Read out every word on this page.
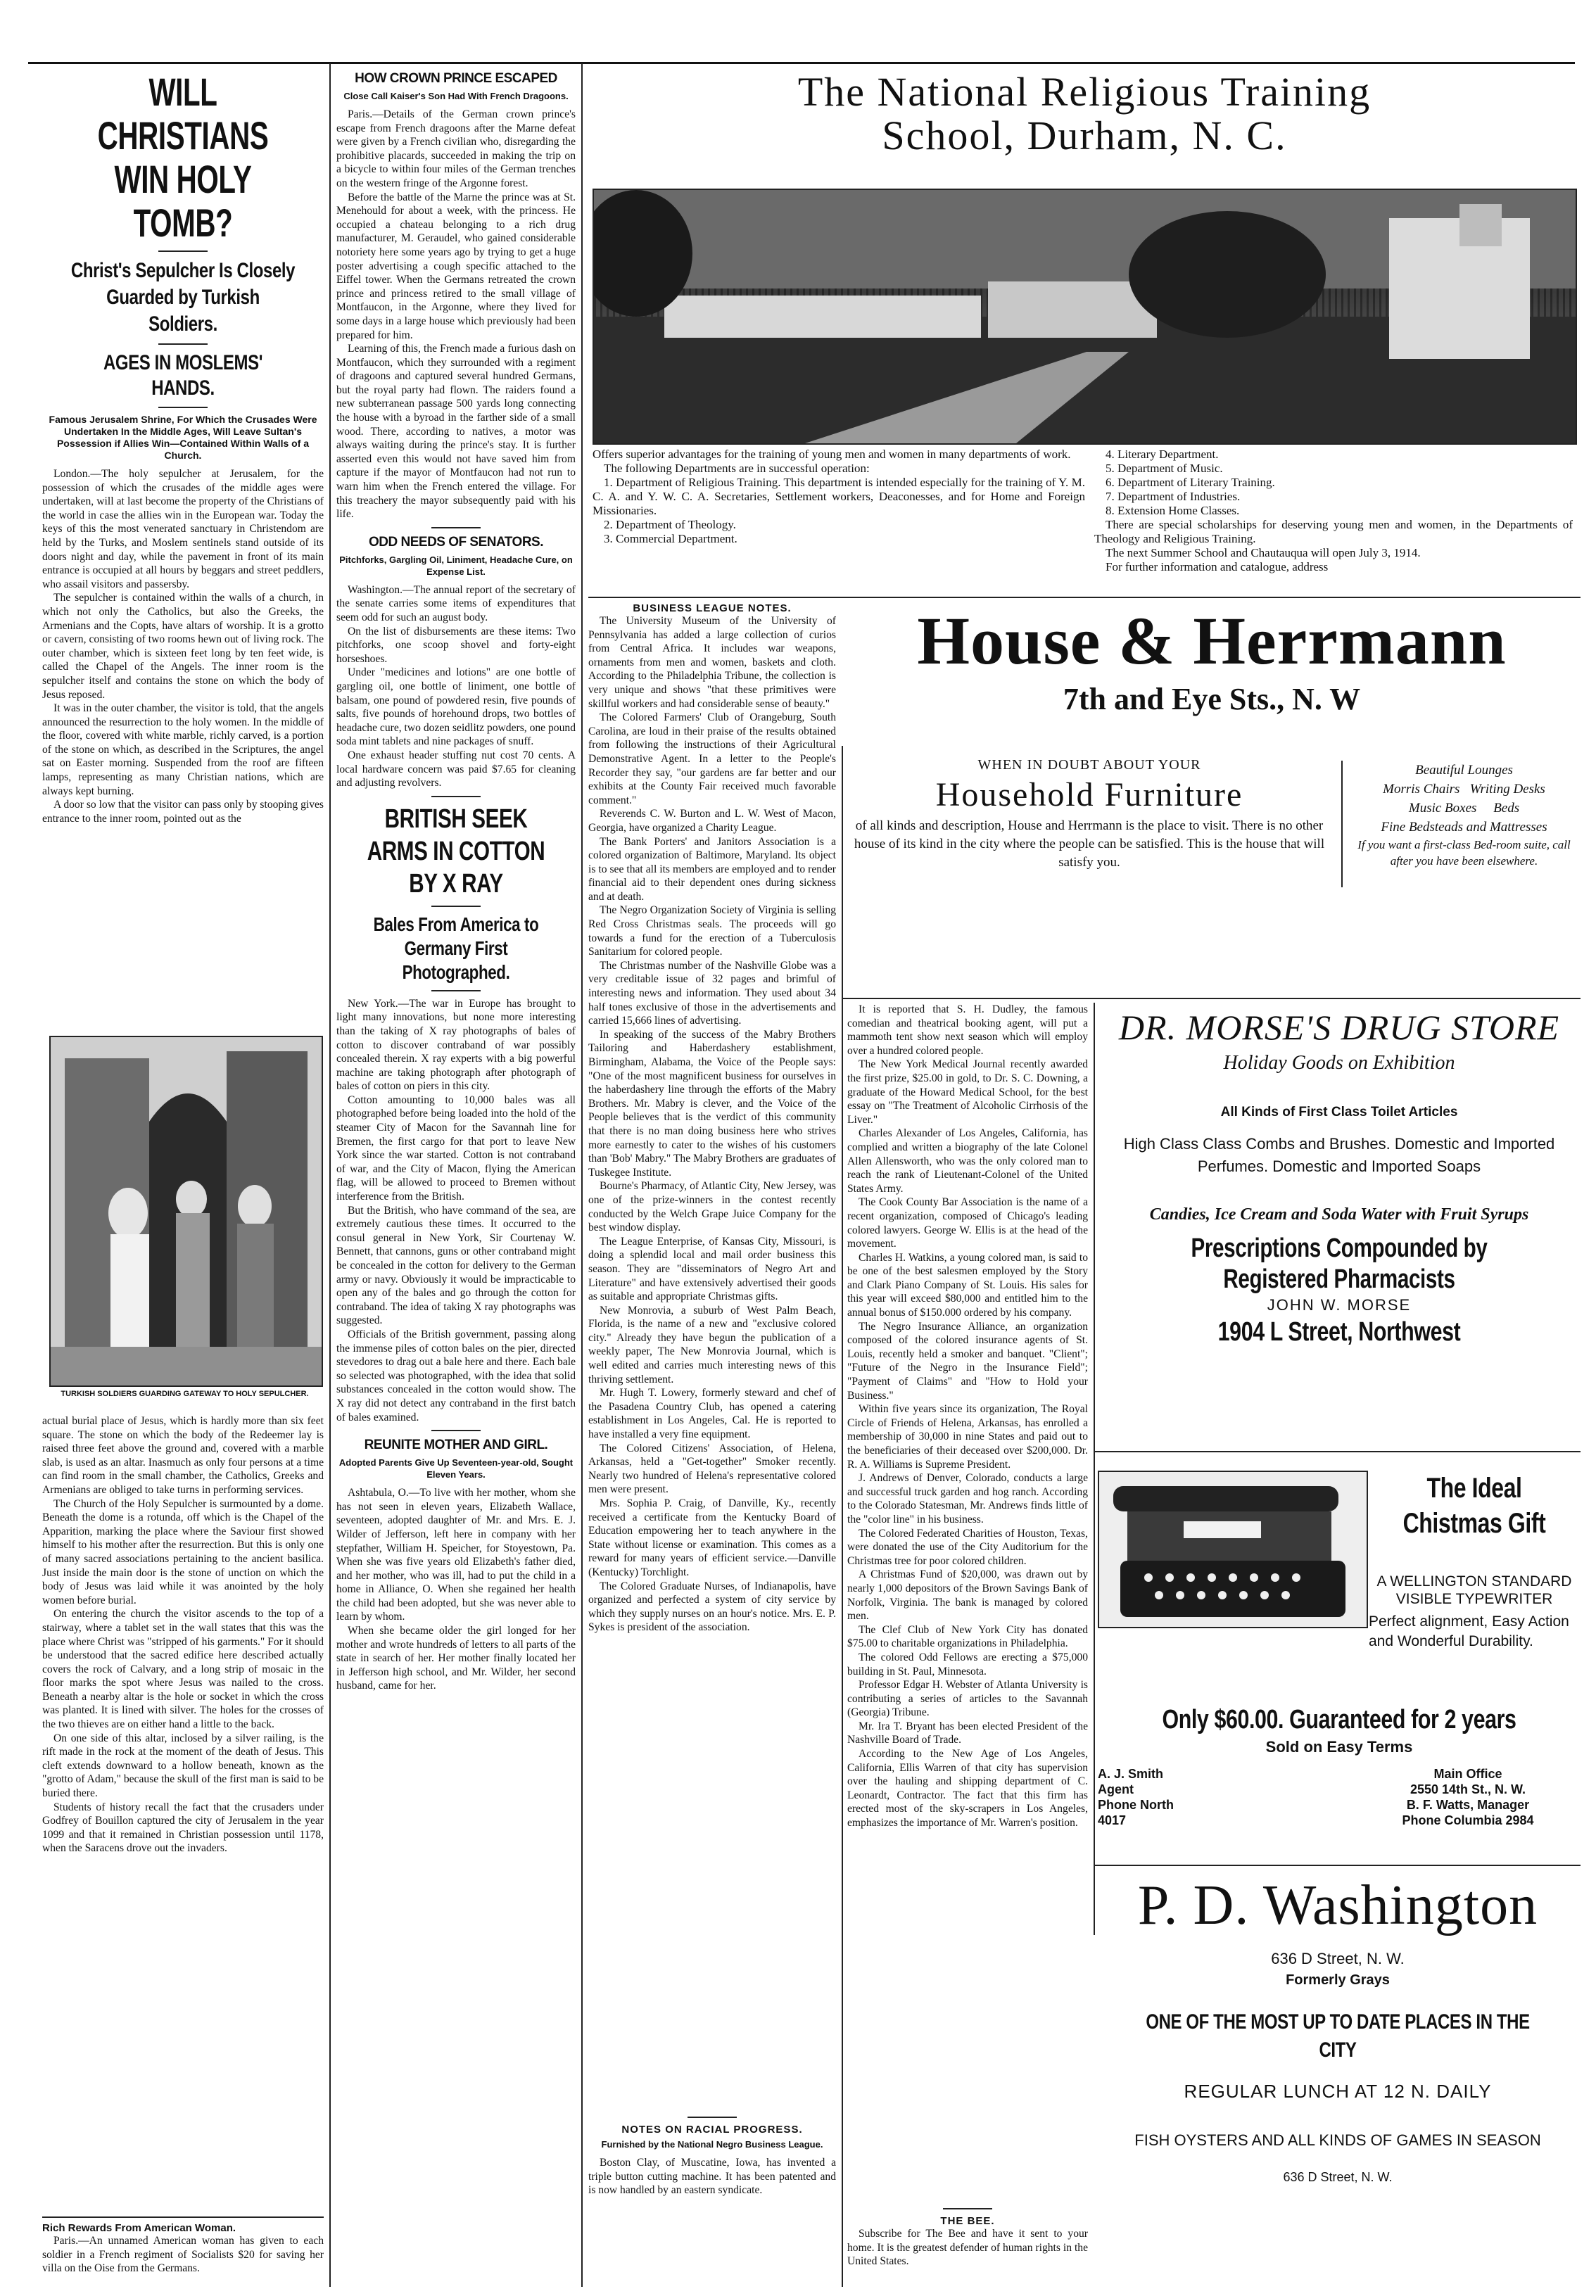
WILL CHRISTIANS WIN HOLY TOMB?
Christ's Sepulcher Is Closely Guarded by Turkish Soldiers.
AGES IN MOSLEMS' HANDS.
Famous Jerusalem Shrine, For Which the Crusades Were Undertaken In the Middle Ages, Will Leave Sultan's Possession if Allies Win—Contained Within Walls of a Church.

London.—The holy sepulcher at Jerusalem, for the possession of which the crusades of the middle ages were undertaken, will at last become the property of the Christians of the world in case the allies win in the European war. Today the keys of this the most venerated sanctuary in Christendom are held by the Turks, and Moslem sentinels stand outside of its doors night and day, while the pavement in front of its main entrance is occupied at all hours by beggars and street peddlers, who assail visitors and passersby.

The sepulcher is contained within the walls of a church, in which not only the Catholics, but also the Greeks, the Armenians and the Copts, have altars of worship. It is a grotto or cavern, consisting of two rooms hewn out of living rock. The outer chamber, which is sixteen feet long by ten feet wide, is called the Chapel of the Angels. The inner room is the sepulcher itself and contains the stone on which the body of Jesus reposed.

It was in the outer chamber, the visitor is told, that the angels announced the resurrection to the holy women. In the middle of the floor, covered with white marble, richly carved, is a portion of the stone on which, as described in the Scriptures, the angel sat on Easter morning. Suspended from the roof are fifteen lamps, representing as many Christian nations, which are always kept burning.

A door so low that the visitor can pass only by stooping gives entrance to the inner room, pointed out as the

TURKISH SOLDIERS GUARDING GATEWAY TO HOLY SEPULCHER.

actual burial place of Jesus, which is hardly more than six feet square. The stone on which the body of the Redeemer lay is raised three feet above the ground and, covered with a marble slab, is used as an altar. Inasmuch as only four persons at a time can find room in the small chamber, the Catholics, Greeks and Armenians are obliged to take turns in performing services.

The Church of the Holy Sepulcher is surmounted by a dome. Beneath the dome is a rotunda, off which is the Chapel of the Apparition, marking the place where the Saviour first showed himself to his mother after the resurrection. But this is only one of many sacred associations pertaining to the ancient basilica. Just inside the main door is the stone of unction on which the body of Jesus was laid while it was anointed by the holy women before burial.

On entering the church the visitor ascends to the top of a stairway, where a tablet set in the wall states that this was the place where Christ was "stripped of his garments." For it should be understood that the sacred edifice here described actually covers the rock of Calvary, and a long strip of mosaic in the floor marks the spot where Jesus was nailed to the cross. Beneath a nearby altar is the hole or socket in which the cross was planted. It is lined with silver. The holes for the crosses of the two thieves are on either hand a little to the back.

On one side of this altar, inclosed by a silver railing, is the rift made in the rock at the moment of the death of Jesus. This cleft extends downward to a hollow beneath, known as the "grotto of Adam," because the skull of the first man is said to be buried there.

Students of history recall the fact that the crusaders under Godfrey of Bouillon captured the city of Jerusalem in the year 1099 and that it remained in Christian possession until 1178, when the Saracens drove out the invaders.

Rich Rewards From American Woman.

Paris.—An unnamed American woman has given to each soldier in a French regiment of Socialists $20 for saving her villa on the Oise from the Germans.

HOW CROWN PRINCE ESCAPED
Close Call Kaiser's Son Had With French Dragoons.

Paris.—Details of the German crown prince's escape from French dragoons after the Marne defeat were given by a French civilian who, disregarding the prohibitive placards, succeeded in making the trip on a bicycle to within four miles of the German trenches on the western fringe of the Argonne forest.

Before the battle of the Marne the prince was at St. Menehould for about a week, with the princess. He occupied a chateau belonging to a rich drug manufacturer, M. Geraudel, who gained considerable notoriety here some years ago by trying to get a huge poster advertising a cough specific attached to the Eiffel tower. When the Germans retreated the crown prince and princess retired to the small village of Montfaucon, in the Argonne, where they lived for some days in a large house which previously had been prepared for him.

Learning of this, the French made a furious dash on Montfaucon, which they surrounded with a regiment of dragoons and captured several hundred Germans, but the royal party had flown. The raiders found a new subterranean passage 500 yards long connecting the house with a byroad in the farther side of a small wood. There, according to natives, a motor was always waiting during the prince's stay. It is further asserted even this would not have saved him from capture if the mayor of Montfaucon had not run to warn him when the French entered the village. For this treachery the mayor subsequently paid with his life.

ODD NEEDS OF SENATORS.
Pitchforks, Gargling Oil, Liniment, Headache Cure, on Expense List.

Washington.—The annual report of the secretary of the senate carries some items of expenditures that seem odd for such an august body.

On the list of disbursements are these items: Two pitchforks, one scoop shovel and forty-eight horseshoes.

Under "medicines and lotions" are one bottle of gargling oil, one bottle of liniment, one bottle of balsam, one pound of powdered resin, five pounds of salts, five pounds of horehound drops, two bottles of headache cure, two dozen seidlitz powders, one pound soda mint tablets and nine packages of snuff.

One exhaust header stuffing nut cost 70 cents. A local hardware concern was paid $7.65 for cleaning and adjusting revolvers.

BRITISH SEEK ARMS IN COTTON BY X RAY
Bales From America to Germany First Photographed.

New York.—The war in Europe has brought to light many innovations, but none more interesting than the taking of X ray photographs of bales of cotton to discover contraband of war possibly concealed therein. X ray experts with a big powerful machine are taking photograph after photograph of bales of cotton on piers in this city.

Cotton amounting to 10,000 bales was all photographed before being loaded into the hold of the steamer City of Macon for the Savannah line for Bremen, the first cargo for that port to leave New York since the war started. Cotton is not contraband of war, and the City of Macon, flying the American flag, will be allowed to proceed to Bremen without interference from the British.

But the British, who have command of the sea, are extremely cautious these times. It occurred to the consul general in New York, Sir Courtenay W. Bennett, that cannons, guns or other contraband might be concealed in the cotton for delivery to the German army or navy. Obviously it would be impracticable to open any of the bales and go through the cotton for contraband. The idea of taking X ray photographs was suggested.

Officials of the British government, passing along the immense piles of cotton bales on the pier, directed stevedores to drag out a bale here and there. Each bale so selected was photographed, with the idea that solid substances concealed in the cotton would show. The X ray did not detect any contraband in the first batch of bales examined.

REUNITE MOTHER AND GIRL.
Adopted Parents Give Up Seventeen-year-old, Sought Eleven Years.

Ashtabula, O.—To live with her mother, whom she has not seen in eleven years, Elizabeth Wallace, seventeen, adopted daughter of Mr. and Mrs. E. J. Wilder of Jefferson, left here in company with her stepfather, William H. Speicher, for Stoyestown, Pa. When she was five years old Elizabeth's father died, and her mother, who was ill, had to put the child in a home in Alliance, O. When she regained her health the child had been adopted, but she was never able to learn by whom.

When she became older the girl longed for her mother and wrote hundreds of letters to all parts of the state in search of her. Her mother finally located her in Jefferson high school, and Mr. Wilder, her second husband, came for her.

The National Religious Training
School, Durham, N. C.

Offers superior advantages for the training of young men and women in many departments of work.

The following Departments are in successful operation:

1. Department of Religious Training. This department is intended especially for the training of Y. M. C. A. and Y. W. C. A. Secretaries, Settlement workers, Deaconesses, and for Home and Foreign Missionaries.

2. Department of Theology.

3. Commercial Department.

4. Literary Department.

5. Department of Music.

6. Department of Literary Training.

7. Department of Industries.

8. Extension Home Classes.

There are special scholarships for deserving young men and women, in the Departments of Theology and Religious Training.

The next Summer School and Chautauqua will open July 3, 1914.

For further information and catalogue, address

BUSINESS LEAGUE NOTES.

The University Museum of the University of Pennsylvania has added a large collection of curios from Central Africa. It includes war weapons, ornaments from men and women, baskets and cloth. According to the Philadelphia Tribune, the collection is very unique and shows "that these primitives were skillful workers and had considerable sense of beauty."

The Colored Farmers' Club of Orangeburg, South Carolina, are loud in their praise of the results obtained from following the instructions of their Agricultural Demonstrative Agent. In a letter to the People's Recorder they say, "our gardens are far better and our exhibits at the County Fair received much favorable comment."

Reverends C. W. Burton and L. W. West of Macon, Georgia, have organized a Charity League.

The Bank Porters' and Janitors Association is a colored organization of Baltimore, Maryland. Its object is to see that all its members are employed and to render financial aid to their dependent ones during sickness and at death.

The Negro Organization Society of Virginia is selling Red Cross Christmas seals. The proceeds will go towards a fund for the erection of a Tuberculosis Sanitarium for colored people.

The Christmas number of the Nashville Globe was a very creditable issue of 32 pages and brimful of interesting news and information. They used about 34 half tones exclusive of those in the advertisements and carried 15,666 lines of advertising.

In speaking of the success of the Mabry Brothers Tailoring and Haberdashery establishment, Birmingham, Alabama, the Voice of the People says: "One of the most magnificent business for ourselves in the haberdashery line through the efforts of the Mabry Brothers. Mr. Mabry is clever, and the Voice of the People believes that is the verdict of this community that there is no man doing business here who strives more earnestly to cater to the wishes of his customers than 'Bob' Mabry." The Mabry Brothers are graduates of Tuskegee Institute.

Bourne's Pharmacy, of Atlantic City, New Jersey, was one of the prize-winners in the contest recently conducted by the Welch Grape Juice Company for the best window display.

The League Enterprise, of Kansas City, Missouri, is doing a splendid local and mail order business this season. They are "disseminators of Negro Art and Literature" and have extensively advertised their goods as suitable and appropriate Christmas gifts.

New Monrovia, a suburb of West Palm Beach, Florida, is the name of a new and "exclusive colored city." Already they have begun the publication of a weekly paper, The New Monrovia Journal, which is well edited and carries much interesting news of this thriving settlement.

Mr. Hugh T. Lowery, formerly steward and chef of the Pasadena Country Club, has opened a catering establishment in Los Angeles, Cal. He is reported to have installed a very fine equipment.

The Colored Citizens' Association, of Helena, Arkansas, held a "Get-together" Smoker recently. Nearly two hundred of Helena's representative colored men were present.

Mrs. Sophia P. Craig, of Danville, Ky., recently received a certificate from the Kentucky Board of Education empowering her to teach anywhere in the State without license or examination. This comes as a reward for many years of efficient service.—Danville (Kentucky) Torchlight.

The Colored Graduate Nurses, of Indianapolis, have organized and perfected a system of city service by which they supply nurses on an hour's notice. Mrs. E. P. Sykes is president of the association.

NOTES ON RACIAL PROGRESS.
Furnished by the National Negro Business League.

Boston Clay, of Muscatine, Iowa, has invented a triple button cutting machine. It has been patented and is now handled by an eastern syndicate.

House & Herrmann
7th and Eye Sts., N. W
WHEN IN DOUBT ABOUT YOUR
Household Furniture
of all kinds and description, House and Herrmann is the place to visit. There is no other house of its kind in the city where the people can be satisfied. This is the house that will satisfy you.
Beautiful Lounges
Morris Chairs Writing Desks
Music Boxes Beds
Fine Bedsteads and Mattresses
If you want a first-class Bed-room suite, call after you have been elsewhere.

It is reported that S. H. Dudley, the famous comedian and theatrical booking agent, will put a mammoth tent show next season which will employ over a hundred colored people.

The New York Medical Journal recently awarded the first prize, $25.00 in gold, to Dr. S. C. Downing, a graduate of the Howard Medical School, for the best essay on "The Treatment of Alcoholic Cirrhosis of the Liver."

Charles Alexander of Los Angeles, California, has complied and written a biography of the late Colonel Allen Allensworth, who was the only colored man to reach the rank of Lieutenant-Colonel of the United States Army.

The Cook County Bar Association is the name of a recent organization, composed of Chicago's leading colored lawyers. George W. Ellis is at the head of the movement.

Charles H. Watkins, a young colored man, is said to be one of the best salesmen employed by the Story and Clark Piano Company of St. Louis. His sales for this year will exceed $80,000 and entitled him to the annual bonus of $150.000 ordered by his company.

The Negro Insurance Alliance, an organization composed of the colored insurance agents of St. Louis, recently held a smoker and banquet. "Client"; "Future of the Negro in the Insurance Field"; "Payment of Claims" and "How to Hold your Business."

Within five years since its organization, The Royal Circle of Friends of Helena, Arkansas, has enrolled a membership of 30,000 in nine States and paid out to the beneficiaries of their deceased over $200,000. Dr. R. A. Williams is Supreme President.

J. Andrews of Denver, Colorado, conducts a large and successful truck garden and hog ranch. According to the Colorado Statesman, Mr. Andrews finds little of the "color line" in his business.

The Colored Federated Charities of Houston, Texas, were donated the use of the City Auditorium for the Christmas tree for poor colored children.

A Christmas Fund of $20,000, was drawn out by nearly 1,000 depositors of the Brown Savings Bank of Norfolk, Virginia. The bank is managed by colored men.

The Clef Club of New York City has donated $75.00 to charitable organizations in Philadelphia.

The colored Odd Fellows are erecting a $75,000 building in St. Paul, Minnesota.

Professor Edgar H. Webster of Atlanta University is contributing a series of articles to the Savannah (Georgia) Tribune.

Mr. Ira T. Bryant has been elected President of the Nashville Board of Trade.

According to the New Age of Los Angeles, California, Ellis Warren of that city has supervision over the hauling and shipping department of C. Leonardt, Contractor. The fact that this firm has erected most of the sky-scrapers in Los Angeles, emphasizes the importance of Mr. Warren's position.

THE BEE.

Subscribe for The Bee and have it sent to your home. It is the greatest defender of human rights in the United States.

DR. MORSE'S DRUG STORE
Holiday Goods on Exhibition
All Kinds of First Class Toilet Articles
High Class Class Combs and Brushes. Domestic and Imported Perfumes. Domestic and Imported Soaps
Candies, Ice Cream and Soda Water with Fruit Syrups
Prescriptions Compounded by Registered Pharmacists
JOHN W. MORSE
1904 L Street, Northwest
The Ideal Chistmas Gift
A WELLINGTON STANDARD VISIBLE TYPEWRITER
Perfect alignment, Easy Action and Wonderful Durability.
Only $60.00. Guaranteed for 2 years
Sold on Easy Terms
A. J. Smith
Agent
Phone North
4017
Main Office
2550 14th St., N. W.
B. F. Watts, Manager
Phone Columbia 2984
P. D. Washington
636 D Street, N. W.
Formerly Grays
ONE OF THE MOST UP TO DATE PLACES IN THE CITY
REGULAR LUNCH AT 12 N. DAILY
FISH OYSTERS AND ALL KINDS OF GAMES IN SEASON
636 D Street, N. W.
